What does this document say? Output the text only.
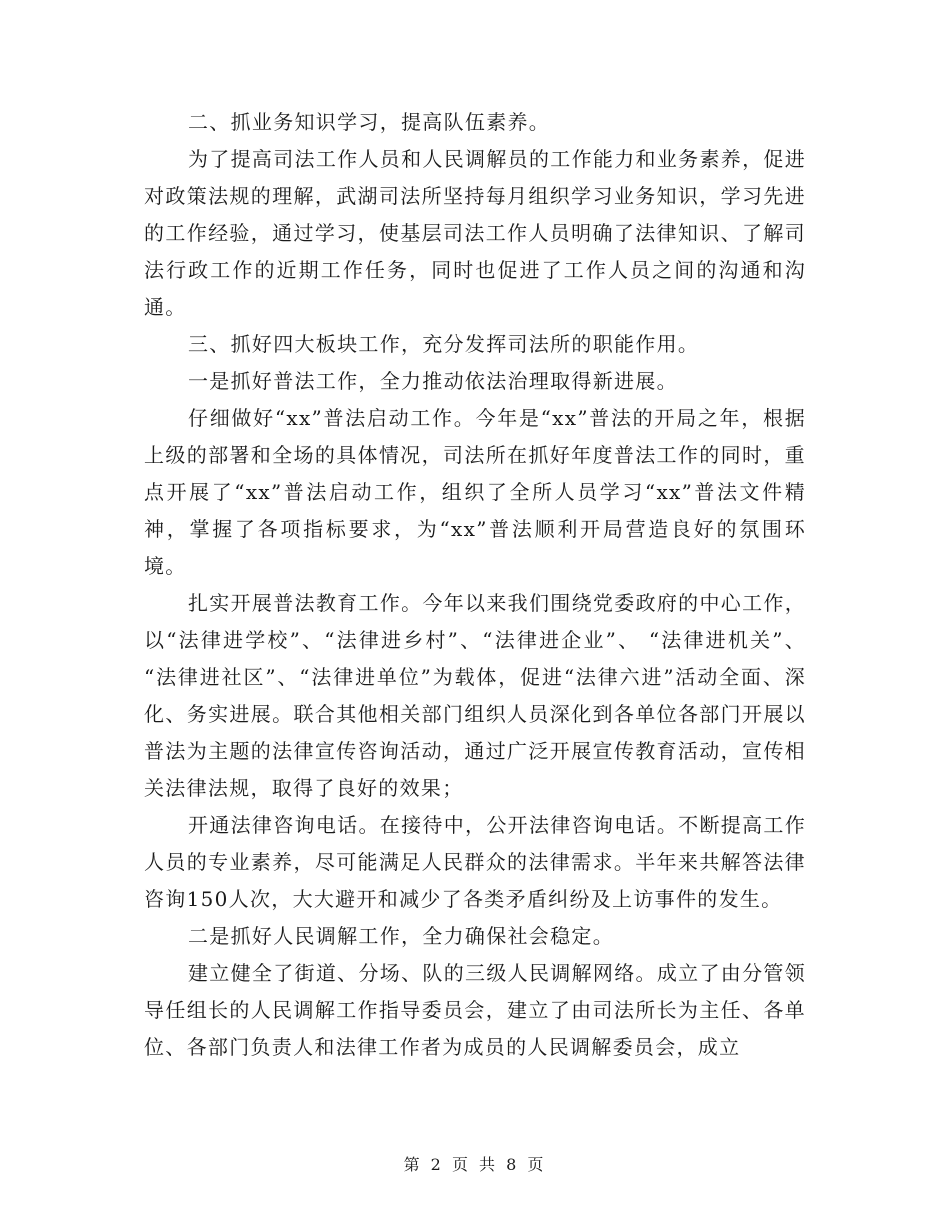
二、抓业务知识学习，提高队伍素养。

为了提高司法工作人员和人民调解员的工作能力和业务素养，促进对政策法规的理解，武湖司法所坚持每月组织学习业务知识，学习先进的工作经验，通过学习，使基层司法工作人员明确了法律知识、了解司法行政工作的近期工作任务，同时也促进了工作人员之间的沟通和沟通。

三、抓好四大板块工作，充分发挥司法所的职能作用。

一是抓好普法工作，全力推动依法治理取得新进展。

仔细做好“xx”普法启动工作。今年是“xx”普法的开局之年，根据上级的部署和全场的具体情况，司法所在抓好年度普法工作的同时，重点开展了“xx”普法启动工作，组织了全所人员学习“xx”普法文件精神，掌握了各项指标要求，为“xx”普法顺利开局营造良好的氛围环境。

扎实开展普法教育工作。今年以来我们围绕党委政府的中心工作，以“法律进学校”、“法律进乡村”、“法律进企业”、 “法律进机关”、 “法律进社区”、“法律进单位”为载体，促进“法律六进”活动全面、深化、务实进展。联合其他相关部门组织人员深化到各单位各部门开展以普法为主题的法律宣传咨询活动，通过广泛开展宣传教育活动，宣传相关法律法规，取得了良好的效果；

开通法律咨询电话。在接待中，公开法律咨询电话。不断提高工作人员的专业素养，尽可能满足人民群众的法律需求。半年来共解答法律咨询150人次，大大避开和减少了各类矛盾纠纷及上访事件的发生。

二是抓好人民调解工作，全力确保社会稳定。

建立健全了街道、分场、队的三级人民调解网络。成立了由分管领导任组长的人民调解工作指导委员会，建立了由司法所长为主任、各单位、各部门负责人和法律工作者为成员的人民调解委员会，成立

第 2 页 共 8 页
